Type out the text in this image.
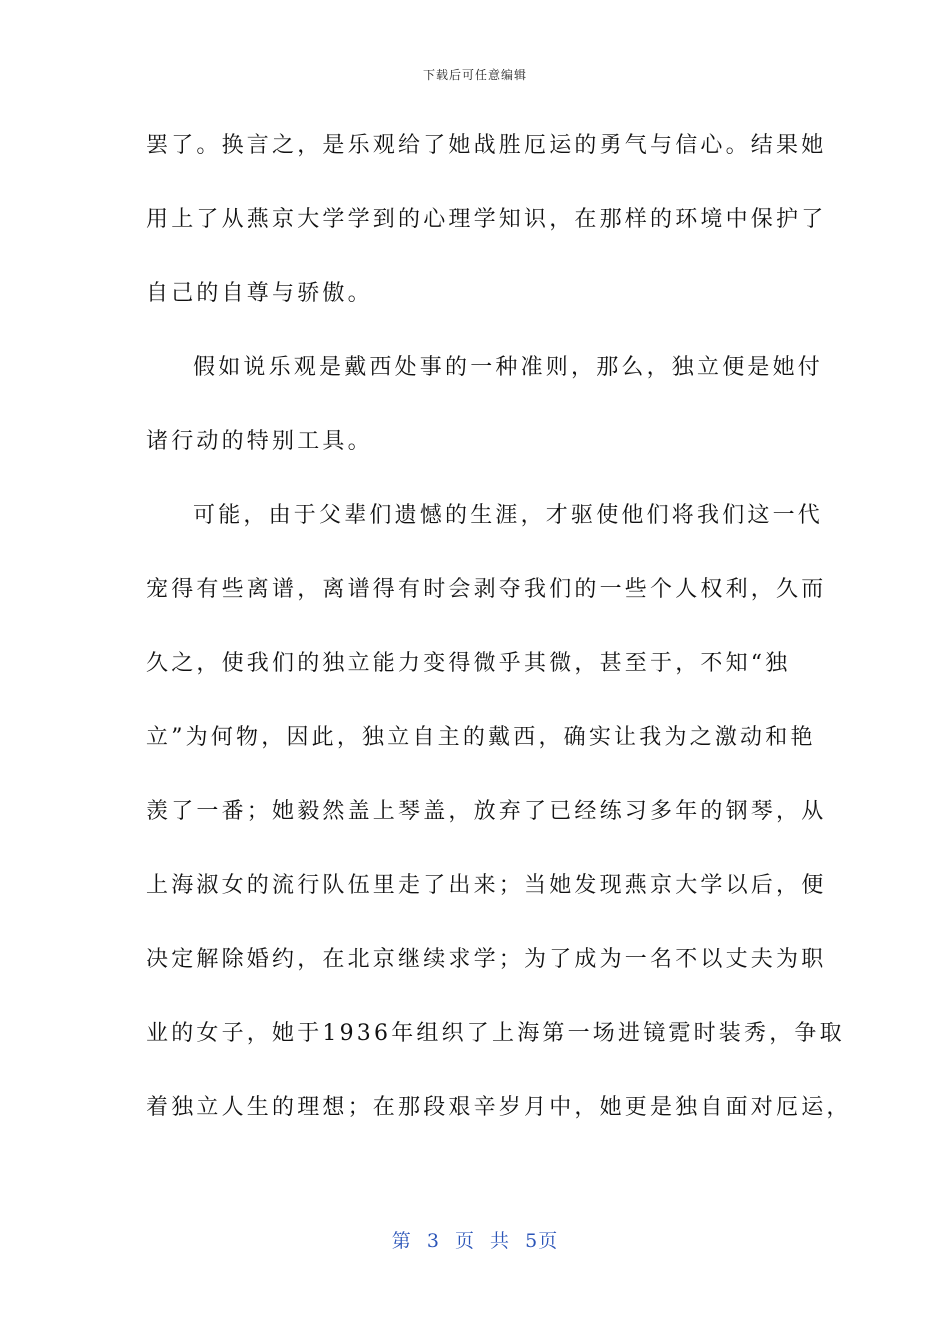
下载后可任意编辑
罢了。换言之，是乐观给了她战胜厄运的勇气与信心。结果她
用上了从燕京大学学到的心理学知识，在那样的环境中保护了
自己的自尊与骄傲。
假如说乐观是戴西处事的一种准则，那么，独立便是她付
诸行动的特别工具。
可能，由于父辈们遗憾的生涯，才驱使他们将我们这一代
宠得有些离谱，离谱得有时会剥夺我们的一些个人权利，久而
久之，使我们的独立能力变得微乎其微，甚至于，不知“独
立”为何物，因此，独立自主的戴西，确实让我为之激动和艳
羡了一番；她毅然盖上琴盖，放弃了已经练习多年的钢琴，从
上海淑女的流行队伍里走了出来；当她发现燕京大学以后，便
决定解除婚约，在北京继续求学；为了成为一名不以丈夫为职
业的女子，她于1936年组织了上海第一场进镜霓时装秀，争取
着独立人生的理想；在那段艰辛岁月中，她更是独自面对厄运，
第 3 页 共 5页
